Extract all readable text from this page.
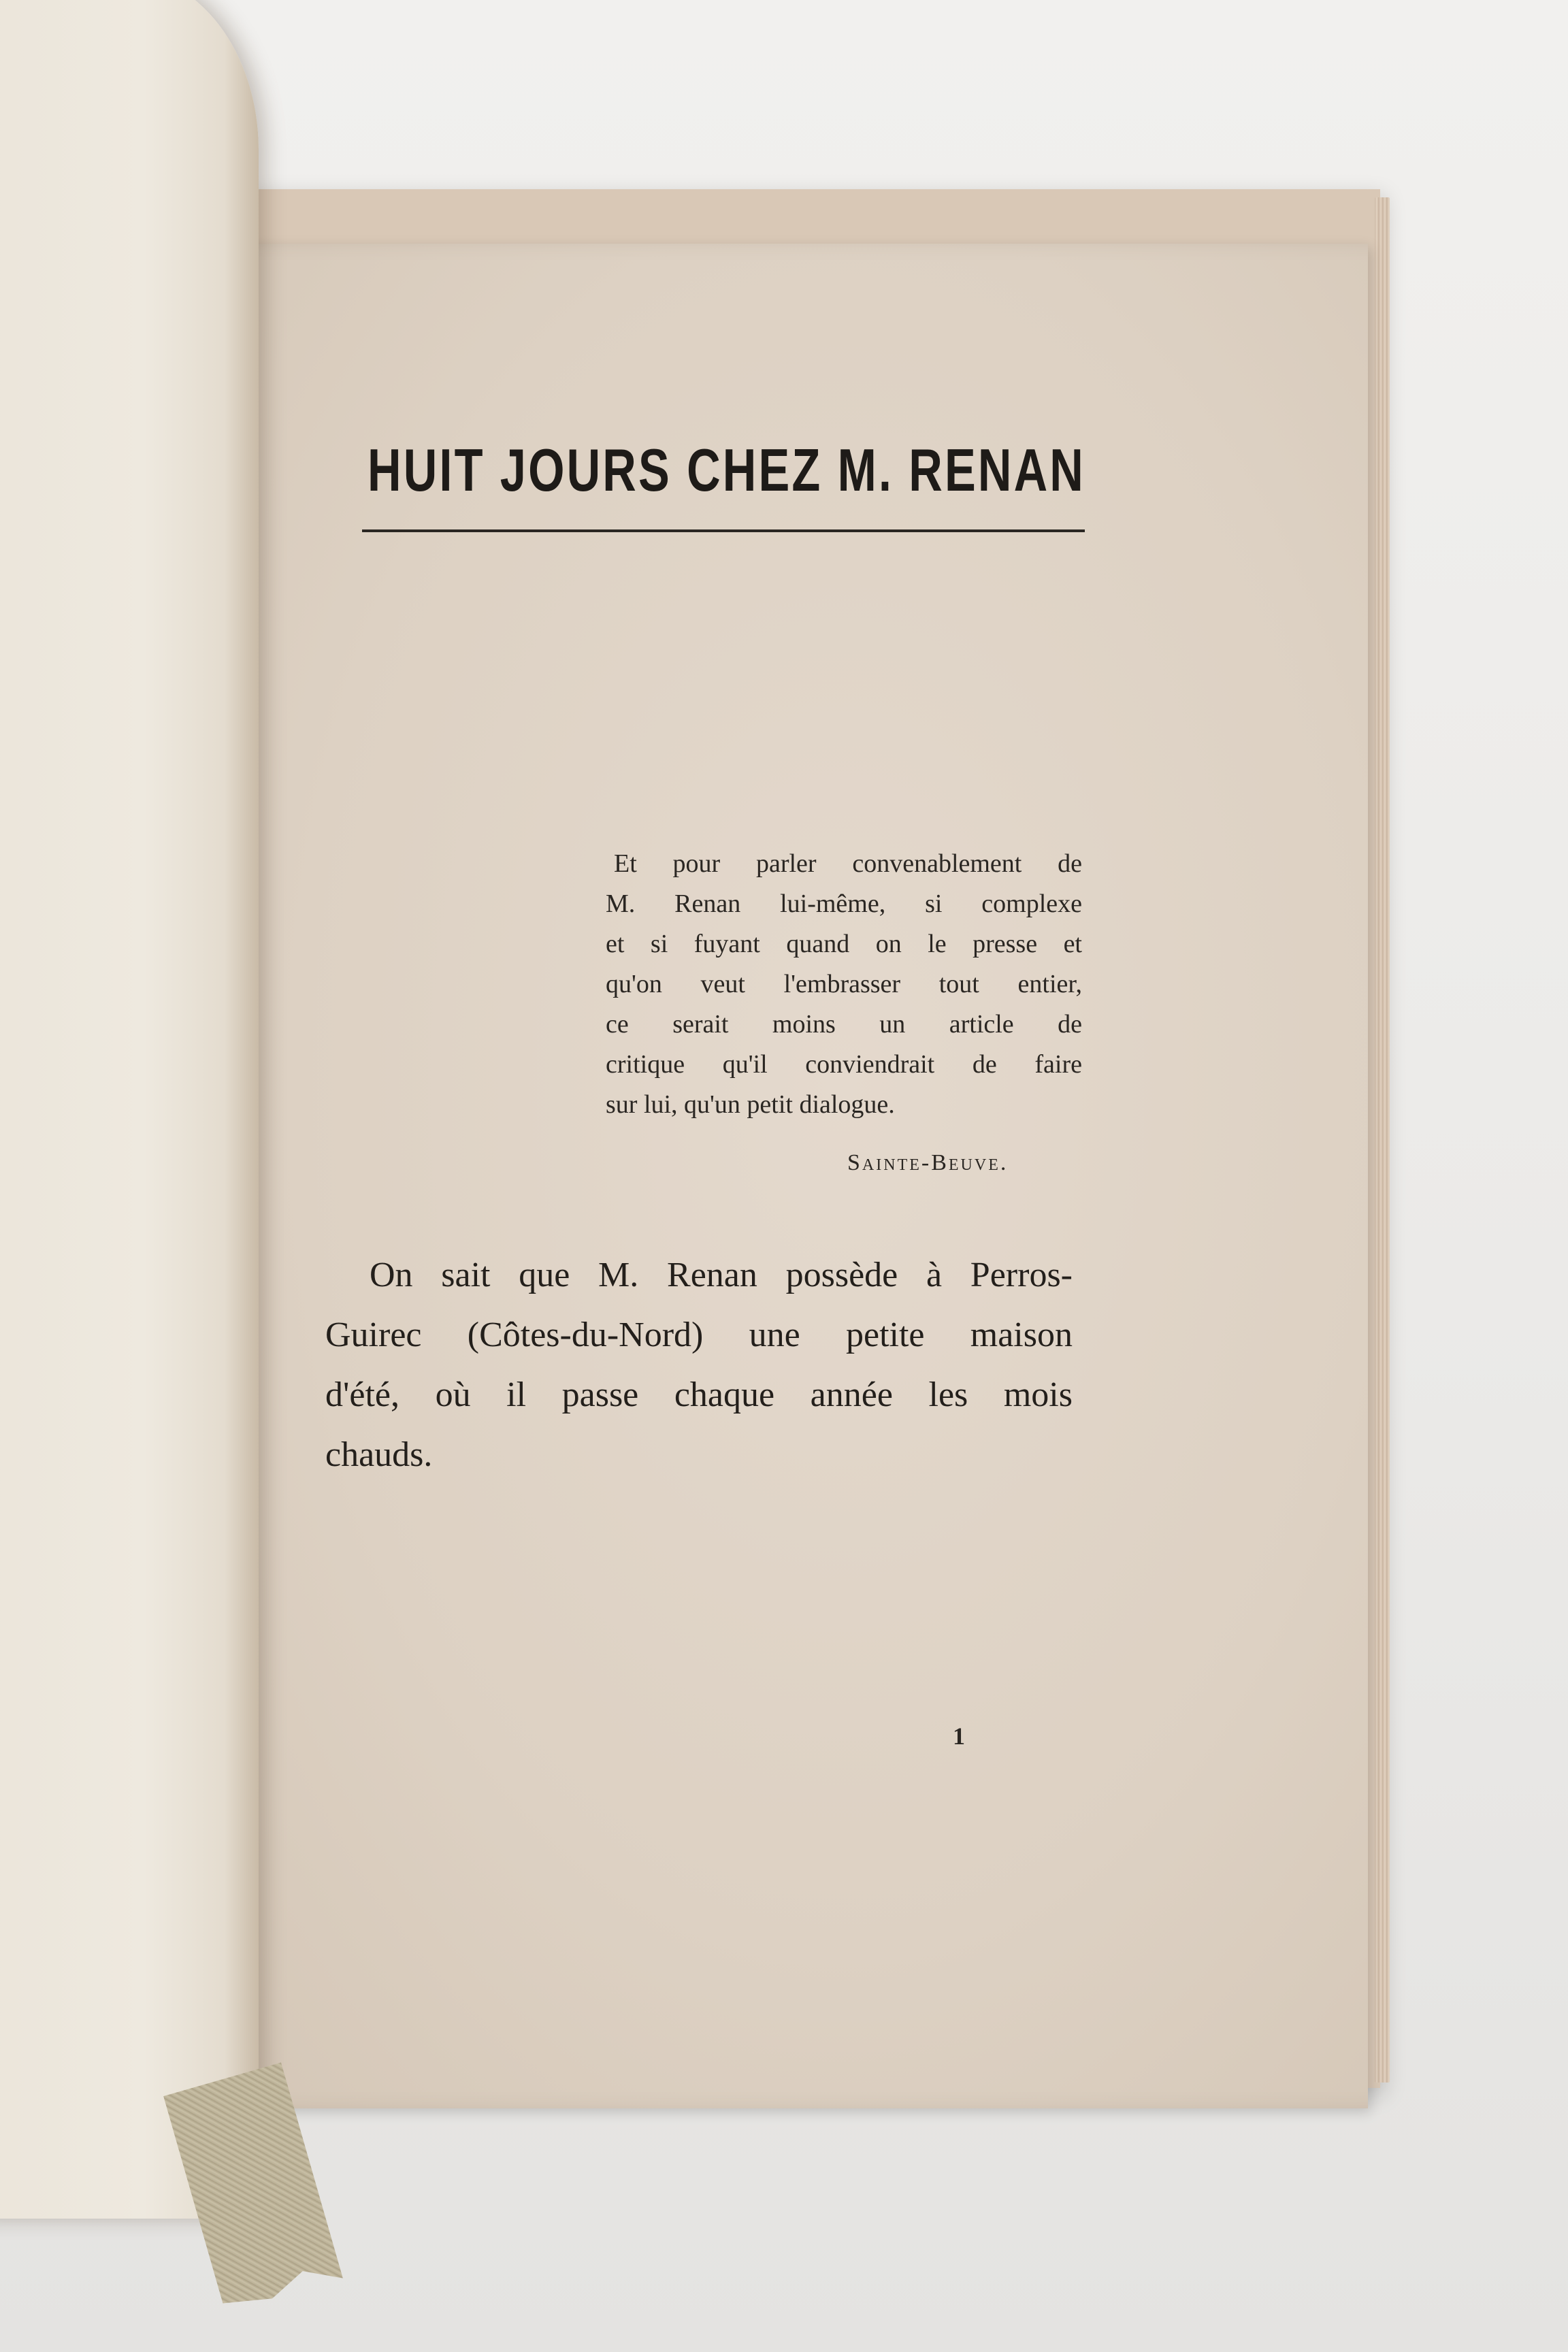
HUIT JOURS CHEZ M. RENAN
Et pour parler convenablement de
M. Renan lui-même, si complexe
et si fuyant quand on le presse et
qu'on veut l'embrasser tout entier,
ce serait moins un article de
critique qu'il conviendrait de faire
sur lui, qu'un petit dialogue.
Sainte-Beuve.
On sait que M. Renan possède à Perros-
Guirec (Côtes-du-Nord) une petite maison
d'été, où il passe chaque année les mois
chauds.
1
